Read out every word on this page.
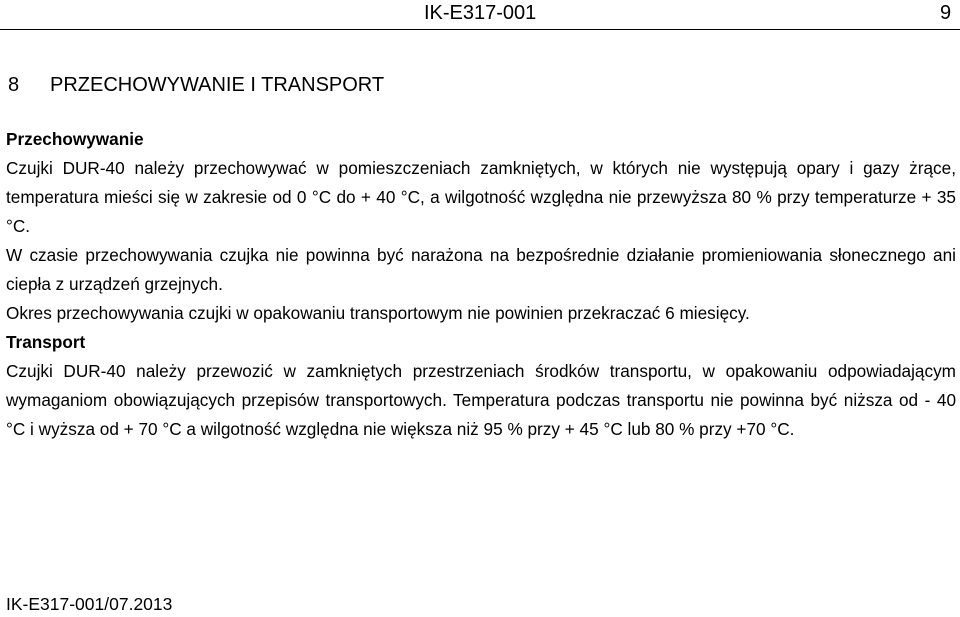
IK-E317-001	9
8 PRZECHOWYWANIE I TRANSPORT
Przechowywanie
Czujki DUR-40 należy przechowywać w pomieszczeniach zamkniętych, w których nie występują opary i gazy żrące, temperatura mieści się w zakresie od 0 °C do + 40 °C, a wilgotność względna nie przewyższa 80 % przy temperaturze + 35 °C.
W czasie przechowywania czujka nie powinna być narażona na bezpośrednie działanie promieniowania słonecznego ani ciepła z urządzeń grzejnych.
Okres przechowywania czujki w opakowaniu transportowym nie powinien przekraczać 6 miesięcy.
Transport
Czujki DUR-40 należy przewozić w zamkniętych przestrzeniach środków transportu, w opakowaniu odpowiadającym wymaganiom obowiązujących przepisów transportowych. Temperatura podczas transportu nie powinna być niższa od - 40 °C i wyższa od + 70 °C a wilgotność względna nie większa niż 95 % przy + 45 °C lub 80 % przy +70 °C.
IK-E317-001/07.2013
